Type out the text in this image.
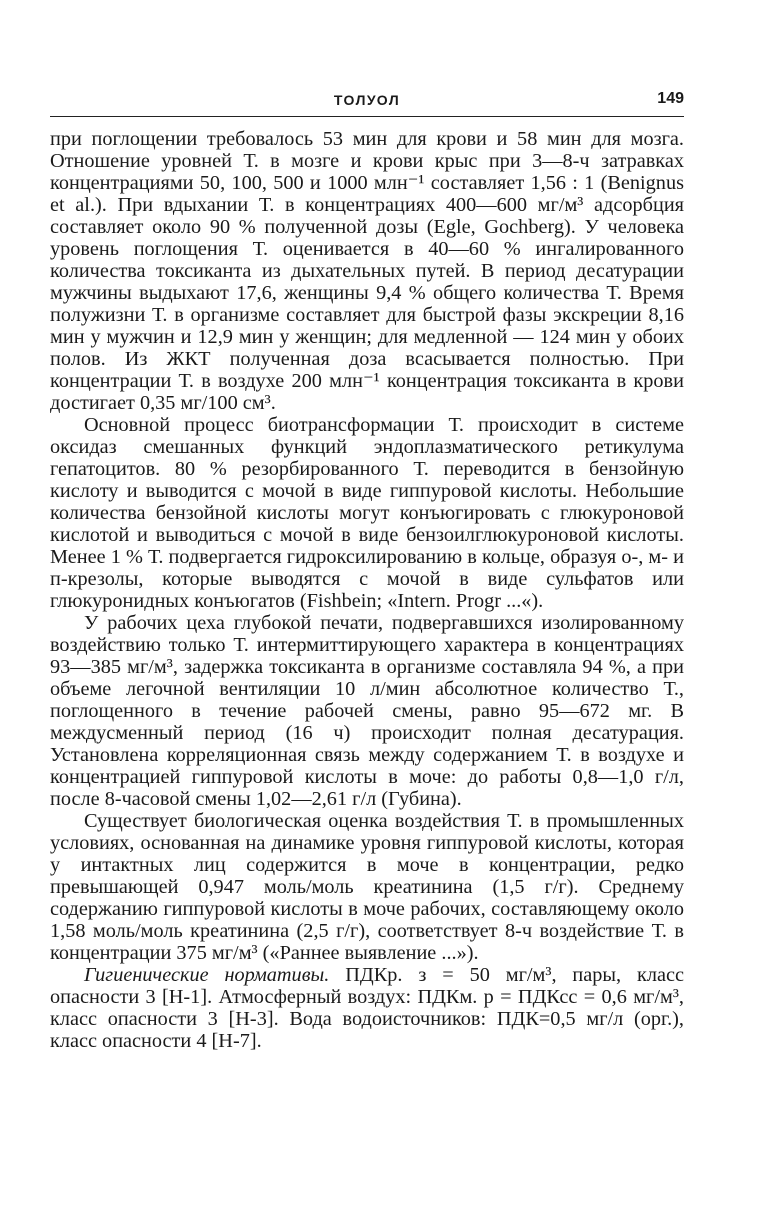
ТОЛУОЛ	149

при поглощении требовалось 53 мин для крови и 58 мин для мозга. Отношение уровней Т. в мозге и крови крыс при 3—8-ч затравках концентрациями 50, 100, 500 и 1000 млн⁻¹ составляет 1,56 : 1 (Benignus et al.). При вдыхании Т. в концентрациях 400—600 мг/м³ адсорбция составляет около 90 % полученной дозы (Egle, Gochberg). У человека уровень поглощения Т. оценивается в 40—60 % ингалированного количества токсиканта из дыхательных путей. В период десатурации мужчины выдыхают 17,6, женщины 9,4 % общего количества Т. Время полужизни Т. в организме составляет для быстрой фазы экскреции 8,16 мин у мужчин и 12,9 мин у женщин; для медленной — 124 мин у обоих полов. Из ЖКТ полученная доза всасывается полностью. При концентрации Т. в воздухе 200 млн⁻¹ концентрация токсиканта в крови достигает 0,35 мг/100 см³.

Основной процесс биотрансформации Т. происходит в системе оксидаз смешанных функций эндоплазматического ретикулума гепатоцитов. 80 % резорбированного Т. переводится в бензойную кислоту и выводится с мочой в виде гиппуровой кислоты. Небольшие количества бензойной кислоты могут конъюгировать с глюкуроновой кислотой и выводиться с мочой в виде бензоилглюкуроновой кислоты. Менее 1 % Т. подвергается гидроксилированию в кольце, образуя о-, м- и п-крезолы, которые выводятся с мочой в виде сульфатов или глюкуронидных конъюгатов (Fishbein; «Intern. Progr ...«).

У рабочих цеха глубокой печати, подвергавшихся изолированному воздействию только Т. интермиттирующего характера в концентрациях 93—385 мг/м³, задержка токсиканта в организме составляла 94 %, а при объеме легочной вентиляции 10 л/мин абсолютное количество Т., поглощенного в течение рабочей смены, равно 95—672 мг. В междусменный период (16 ч) происходит полная десатурация. Установлена корреляционная связь между содержанием Т. в воздухе и концентрацией гиппуровой кислоты в моче: до работы 0,8—1,0 г/л, после 8-часовой смены 1,02—2,61 г/л (Губина).

Существует биологическая оценка воздействия Т. в промышленных условиях, основанная на динамике уровня гиппуровой кислоты, которая у интактных лиц содержится в моче в концентрации, редко превышающей 0,947 моль/моль креатинина (1,5 г/г). Среднему содержанию гиппуровой кислоты в моче рабочих, составляющему около 1,58 моль/моль креатинина (2,5 г/г), соответствует 8-ч воздействие Т. в концентрации 375 мг/м³ («Раннее выявление ...»).

Гигиенические нормативы. ПДКр. з = 50 мг/м³, пары, класс опасности 3 [Н-1]. Атмосферный воздух: ПДКм. р = ПДКсс = 0,6 мг/м³, класс опасности 3 [Н-3]. Вода водоисточников: ПДК=0,5 мг/л (орг.), класс опасности 4 [Н-7].
